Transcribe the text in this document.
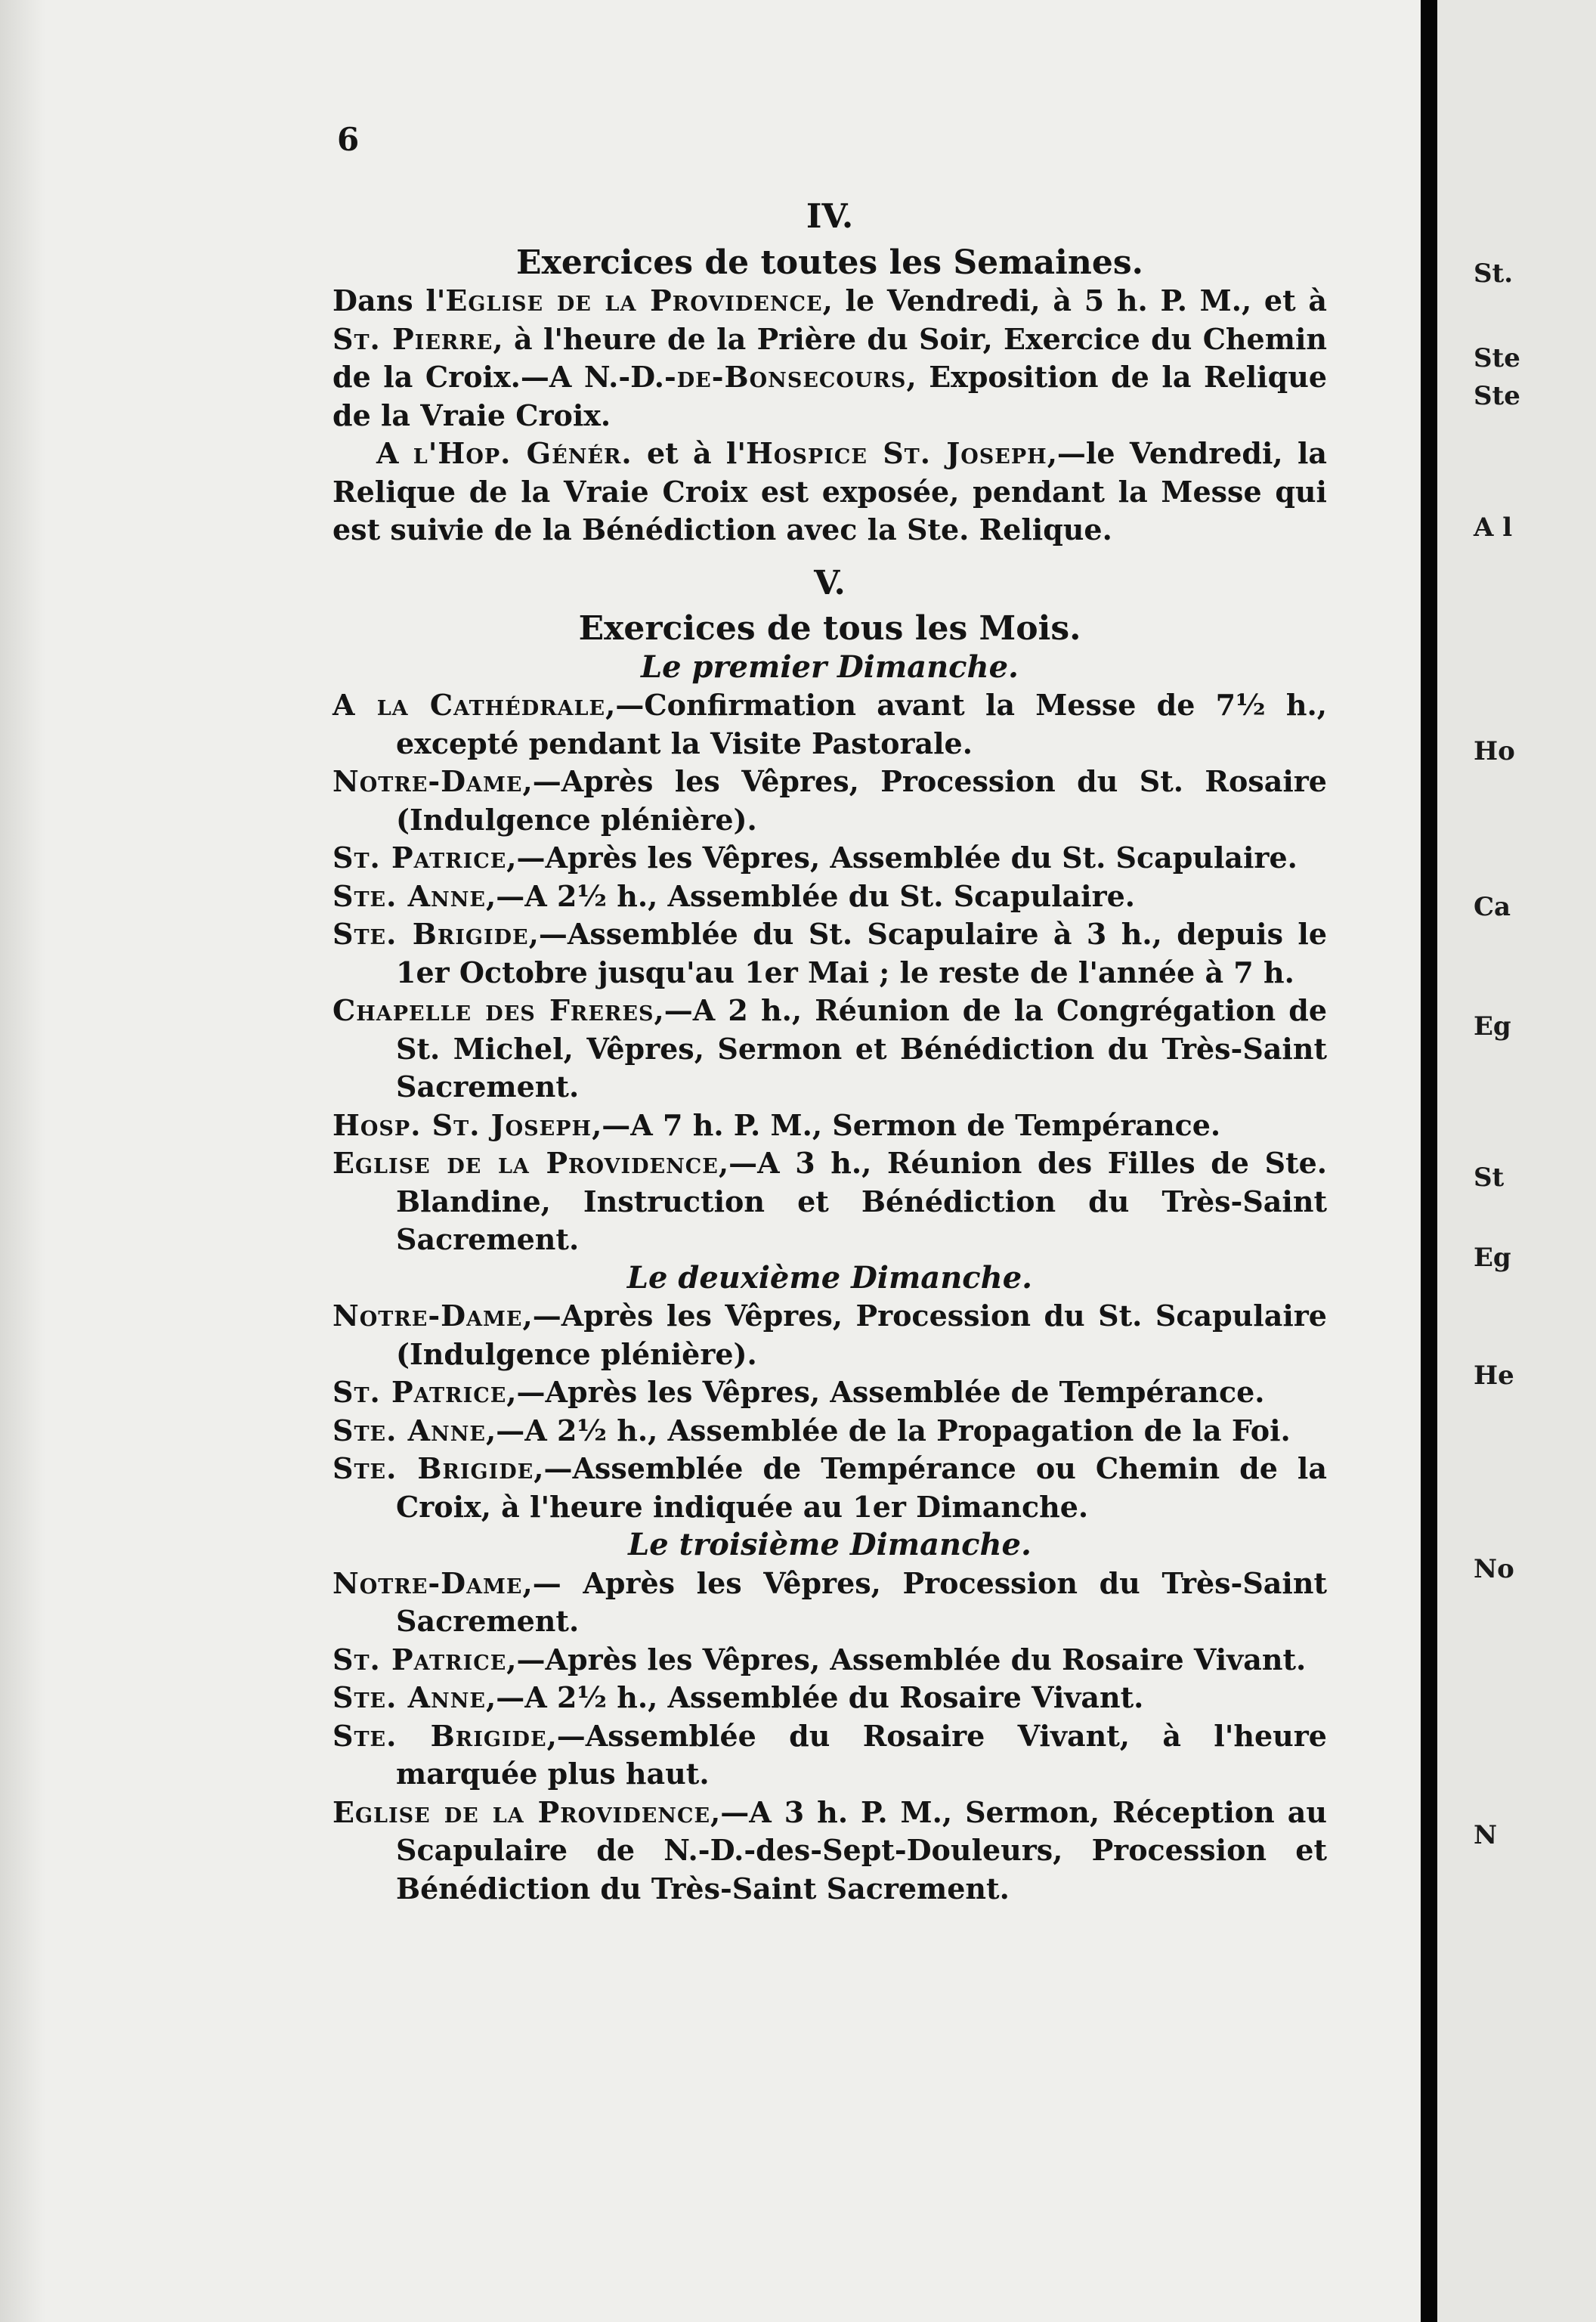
6
IV.
Exercices de toutes les Semaines.

Dans l'Eglise de la Providence, le Vendredi, à 5 h. P. M., et à St. Pierre, à l'heure de la Prière du Soir, Exercice du Chemin de la Croix.—A N.-D.-de-Bonsecours, Exposition de la Relique de la Vraie Croix.

A l'Hop. Génér. et à l'Hospice St. Joseph,—le Vendredi, la Relique de la Vraie Croix est exposée, pendant la Messe qui est suivie de la Bénédiction avec la Ste. Relique.

V.
Exercices de tous les Mois.
Le premier Dimanche.

A la Cathédrale,—Confirmation avant la Messe de 7½ h., excepté pendant la Visite Pastorale.

Notre-Dame,—Après les Vêpres, Procession du St. Rosaire (Indulgence plénière).

St. Patrice,—Après les Vêpres, Assemblée du St. Scapulaire.

Ste. Anne,—A 2½ h., Assemblée du St. Scapulaire.

Ste. Brigide,—Assemblée du St. Scapulaire à 3 h., depuis le 1er Octobre jusqu'au 1er Mai ; le reste de l'année à 7 h.

Chapelle des Freres,—A 2 h., Réunion de la Congrégation de St. Michel, Vêpres, Sermon et Bénédiction du Très-Saint Sacrement.

Hosp. St. Joseph,—A 7 h. P. M., Sermon de Tempérance.

Eglise de la Providence,—A 3 h., Réunion des Filles de Ste. Blandine, Instruction et Bénédiction du Très-Saint Sacrement.

Le deuxième Dimanche.

Notre-Dame,—Après les Vêpres, Procession du St. Scapulaire (Indulgence plénière).

St. Patrice,—Après les Vêpres, Assemblée de Tempérance.

Ste. Anne,—A 2½ h., Assemblée de la Propagation de la Foi.

Ste. Brigide,—Assemblée de Tempérance ou Chemin de la Croix, à l'heure indiquée au 1er Dimanche.

Le troisième Dimanche.

Notre-Dame,— Après les Vêpres, Procession du Très-Saint Sacrement.

St. Patrice,—Après les Vêpres, Assemblée du Rosaire Vivant.

Ste. Anne,—A 2½ h., Assemblée du Rosaire Vivant.

Ste. Brigide,—Assemblée du Rosaire Vivant, à l'heure marquée plus haut.

Eglise de la Providence,—A 3 h. P. M., Sermon, Réception au Scapulaire de N.-D.-des-Sept-Douleurs, Procession et Bénédiction du Très-Saint Sacrement.

St.
Ste
Ste
A l
Ho
Ca
Eg
St
Eg
He
No
N
